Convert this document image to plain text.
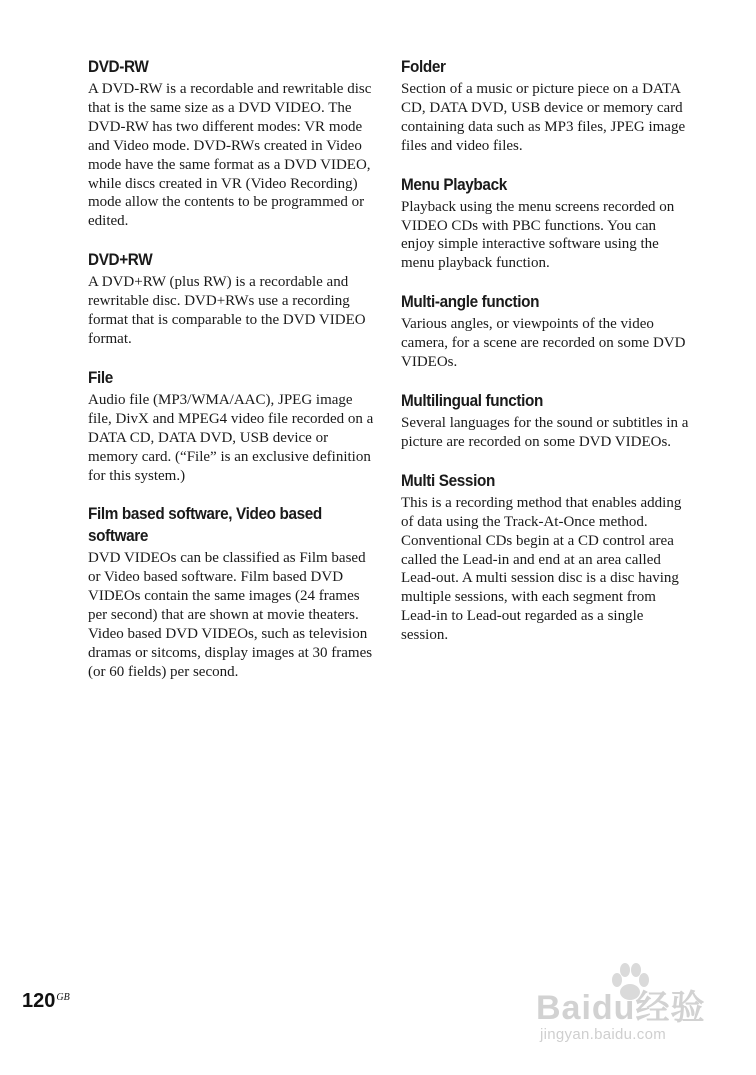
DVD-RW

A DVD-RW is a recordable and rewritable disc that is the same size as a DVD VIDEO. The DVD-RW has two different modes: VR mode and Video mode. DVD-RWs created in Video mode have the same format as a DVD VIDEO, while discs created in VR (Video Recording) mode allow the contents to be programmed or edited.

DVD+RW

A DVD+RW (plus RW) is a recordable and rewritable disc. DVD+RWs use a recording format that is comparable to the DVD VIDEO format.

File

Audio file (MP3/WMA/AAC), JPEG image file, DivX and MPEG4 video file recorded on a DATA CD, DATA DVD, USB device or memory card. (“File” is an exclusive definition for this system.)

Film based software, Video based software

DVD VIDEOs can be classified as Film based or Video based software. Film based DVD VIDEOs contain the same images (24 frames per second) that are shown at movie theaters. Video based DVD VIDEOs, such as television dramas or sitcoms, display images at 30 frames (or 60 fields) per second.

Folder

Section of a music or picture piece on a DATA CD, DATA DVD, USB device or memory card containing data such as MP3 files, JPEG image files and video files.

Menu Playback

Playback using the menu screens recorded on VIDEO CDs with PBC functions. You can enjoy simple interactive software using the menu playback function.

Multi-angle function

Various angles, or viewpoints of the video camera, for a scene are recorded on some DVD VIDEOs.

Multilingual function

Several languages for the sound or subtitles in a picture are recorded on some DVD VIDEOs.

Multi Session

This is a recording method that enables adding of data using the Track-At-Once method. Conventional CDs begin at a CD control area called the Lead-in and end at an area called Lead-out. A multi session disc is a disc having multiple sessions, with each segment from Lead-in to Lead-out regarded as a single session.

$120^{GB}$	Baidu经验
jingyan.baidu.com
